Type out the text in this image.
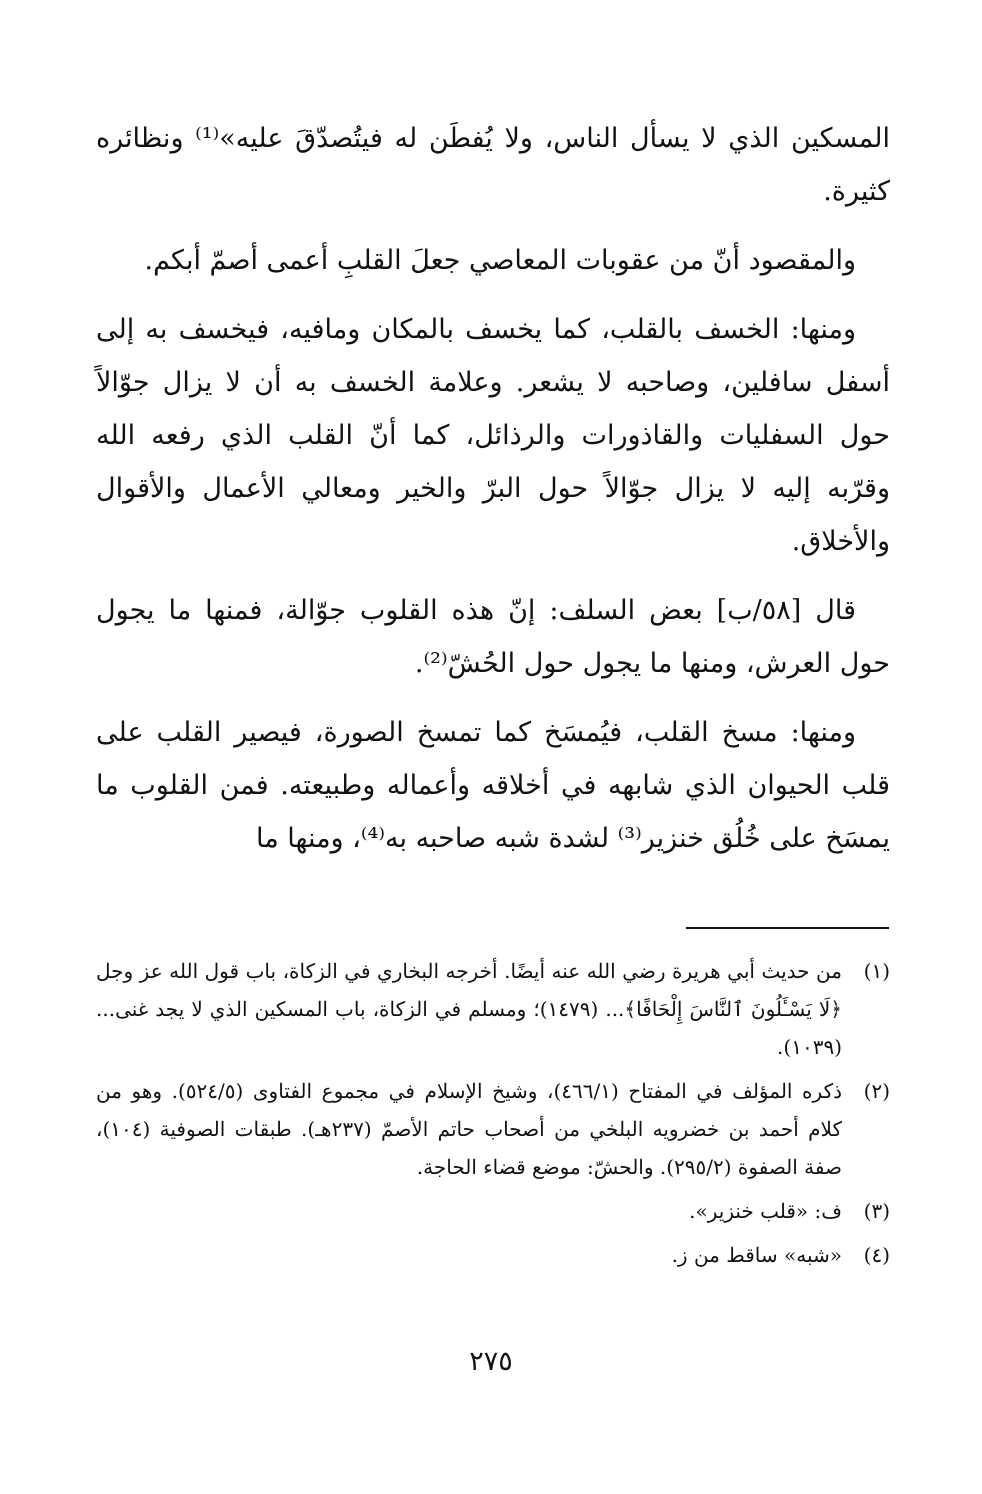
المسكين الذي لا يسأل الناس، ولا يُفطَن له فيتُصدّقَ عليه»⁽¹⁾ ونظائره كثيرة.

والمقصود أنّ من عقوبات المعاصي جعلَ القلبِ أعمى أصمّ أبكم.

ومنها: الخسف بالقلب، كما يخسف بالمكان ومافيه، فيخسف به إلى أسفل سافلين، وصاحبه لا يشعر. وعلامة الخسف به أن لا يزال جوّالاً حول السفليات والقاذورات والرذائل، كما أنّ القلب الذي رفعه الله وقرّبه إليه لا يزال جوّالاً حول البرّ والخير ومعالي الأعمال والأقوال والأخلاق.

قال [٥٨/ب] بعض السلف: إنّ هذه القلوب جوّالة، فمنها ما يجول حول العرش، ومنها ما يجول حول الحُشّ⁽²⁾.

ومنها: مسخ القلب، فيُمسَخ كما تمسخ الصورة، فيصير القلب على قلب الحيوان الذي شابهه في أخلاقه وأعماله وطبيعته. فمن القلوب ما يمسَخ على خُلُق خنزير⁽³⁾ لشدة شبه صاحبه به⁽⁴⁾، ومنها ما

(١)
من حديث أبي هريرة رضي الله عنه أيضًا. أخرجه البخاري في الزكاة، باب قول الله عز وجل ﴿لَا يَسْـَٔلُونَ ٱلنَّاسَ إِلْحَافًا﴾... (١٤٧٩)؛ ومسلم في الزكاة، باب المسكين الذي لا يجد غنى... (١٠٣٩).
(٢)
ذكره المؤلف في المفتاح (٤٦٦/١)، وشيخ الإسلام في مجموع الفتاوى (٥٢٤/٥). وهو من كلام أحمد بن خضرويه البلخي من أصحاب حاتم الأصمّ (٢٣٧هـ). طبقات الصوفية (١٠٤)، صفة الصفوة (٢٩٥/٢). والحشّ: موضع قضاء الحاجة.
(٣)
ف: «قلب خنزير».
(٤)
«شبه» ساقط من ز.
٢٧٥
